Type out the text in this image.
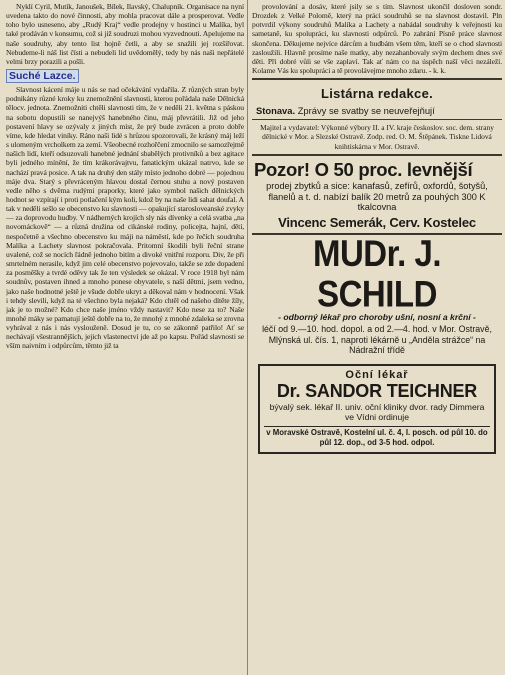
Nyklí Cyril, Mutík, Janoušek, Bílek, Ilavský, Chalupník. Organisace na nyní uvedena takto do nové činnosti, aby mohla pracovat dále a prosperovat. Vedle toho bylo usneseno, aby „Rudý Kraj“ vedle prodejny v hostinci u Malíka, byl také prodáván v konsumu, což si již soudruzi mohou vyzvednouti. Apelujeme na naše soudruhy, aby tento list hojně četli, a aby se snažili jej rozšiřovat. Nebudeme-li náš list čísti a nebudeli lid uvědomělý, tedy by nás naši nepřátelé velmi brzy porazili a pošli.

Suché Lazce.

Slavnost kácení máje u nás se nad očekávání vydařila. Z různých stran byly podnikány různé kroky ku znemožnění slavnosti, kterou pořádala naše Dělnická tělocv. jednota. Znemožniti chtěli slavnosti tím, že v neděli 21. května s páskou na sobotu dopustili se nanejvýš hanebného činu, máj převrátili. Již od jeho postavení hlavy se ozývaly z jiných míst, že prý bude zvrácen a proto dobře víme, kde hledat viníky. Ráno naši lidé s hrůzou spozorovali, že krásný máj leží s ulomeným vrcholkem za zemí. Všeobecné rozhořčení zmocnilo se samozřejmě našich lidí, kteří odsuzovali hanebné jednání sbabělých protivníků a bez agitace byli jedného mínění, že tím krákorávajtvu, fanatickým ukázal natrvo, kde se nachází pravá posice. A tak na druhý den stály místo jednoho dobré — pojednou máje dva. Starý s převráceným hlavou dostal černou stuhu a nový postaven vedle něho s dvěma rudými praporky, které jako symbol našich dělnických hodnot se vzpírají i proti potlačení kým koli, kdož by na naše lidi sahat doufal. A tak v neděli sešlo se obecenstvo ku slavnosti — opakující starosloveanské zvyky — za doprovodu hudby. V nádherných krojích sly nás dívenky a celá svatba „na novomáckově“ — a různá družina od cikánské rodiny, policejta, hajní, dětí, nespočetně a všechno obecenstvo ku máji na náměstí, kde po řečích soudruha Malíka a Lachety slavnost pokračovala. Pritomní škodili byli řeční strane uvalené, což se nocích řádně jednoho bitím a divoké vnitřní rozporu. Div, že při smrtelném nerasile, když jim celé obecenstvo pojevovalo, takže se zde dopadení za posměšky a tvrdé oděvy tak že ten výsledek se okázal. V roce 1918 byl nám soudnův, postaven ihned a mnoho ponese obyvatele, s naší dětmi, jsem vedno, jako naše hodnotné ještě je všude dobře ukryt a děkoval nám v hodnocení. Však i tehdy slevili, když na té všechno byla nejaká? Kdo chtěl od našeho dítěte žíly, jak je to možné? Kdo chce naše jméno vždy nastavit? Kdo nese za to? Naše mnohé máky se pamatují ještě dobře na to, že mnohý z mnohé zdaleka se zrovna vyhrával z nás i nás vyslouženě. Dosud je tu, co se zákonně patřilo! Ať se nechávají všestrannějších, jejich vlastenectví jde až po kapsu. Pořád slavnosti se vším naivním i odpůrcům, těmto již ta

provolování a dosáv, které jsily se s tím. Slavnost ukončil dosloven sondr. Drozdek z Velké Polomě, který na práci soudruhů se na slavnost dostavil. Pln potvrdil výkony soudruhů Malíka a Lachety a nabádal soudruhy k veřejnosti ku sametaně, ku spolupráci, ku slavnosti odpůrců. Po zahrání Písně práce slavnost skončena. Děkujeme nejvíce dárcům a hudbám všem těm, kteří se o chod slavnosti zasloužili. Hlavně prosíme naše matky, aby nezahanbovaly svým dechem dnes své děti. Při dobré vůli se vše zaplaví. Tak ať nám co na úspěch naší věci nezáleží. Kolame Vás ku spolupráci a tě provolávejme mnoho zdaru. - k. k.

Listárna redakce.
Stonava. Zprávy se svatby se neuveřejňují
Majitel a vydavatel: Výkonné výbory II. a IV. kraje českoslov. soc. dem. strany dělnické v Mor. a Slezské Ostravě. Zodp. red. O. M. Štěpánek. Tiskne Lidová knihtiskárna v Mor. Ostravě.
Pozor! O 50 proc. levnější
prodej zbytků a sice: kanafasů, zefírů, oxfordů, šotyšů, flanelů a t. d. nabízí balík 20 metrů za pouhých 300 K tkalcovna
Vincenc Semerák, Cerv. Kostelec
MUDr. J. SCHILD
- odborný lékař pro choroby ušní, nosní a krční -
léčí od 9.—10. hod. dopol. a od 2.—4. hod. v Mor. Ostravě, Mlýnská ul. čís. 1, naproti lékárně u „Anděla strážce“ na Nádražní třídě
Oční lékař
Dr. SANDOR TEICHNER
bývalý sek. lékař II. univ. oční kliniky dvor. rady Dimmera ve Vídni ordinuje
v Moravské Ostravě, Kostelní ul. č. 4, I. posch. od půl 10. do půl 12. dop., od 3-5 hod. odpol.
